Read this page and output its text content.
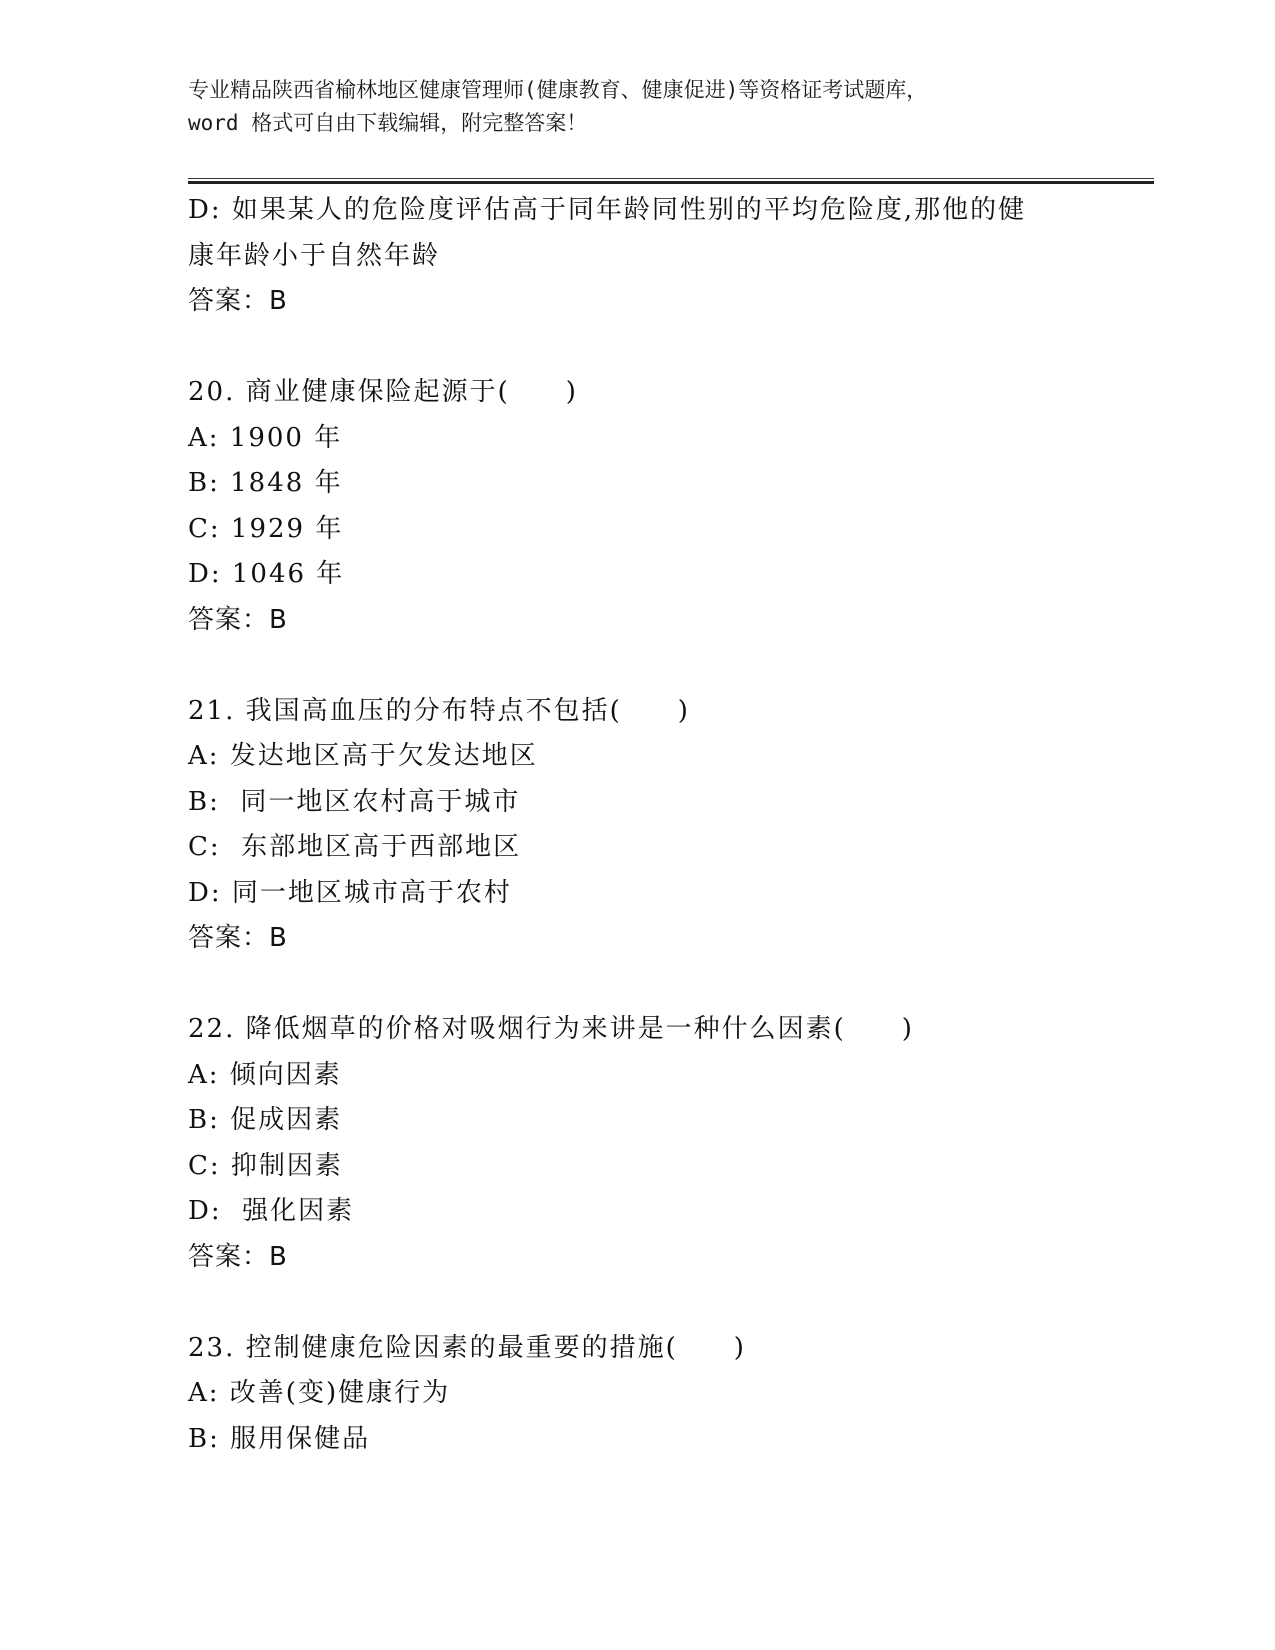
专业精品陕西省榆林地区健康管理师(健康教育、健康促进)等资格证考试题库，
word 格式可自由下载编辑，附完整答案！
D: 如果某人的危险度评估高于同年龄同性别的平均危险度,那他的健
康年龄小于自然年龄
答案：B
20. 商业健康保险起源于(　　)
A: 1900 年
B: 1848 年
C: 1929 年
D: 1046 年
答案：B
21. 我国高血压的分布特点不包括(　　)
A: 发达地区高于欠发达地区
B:  同一地区农村高于城市
C:  东部地区高于西部地区
D: 同一地区城市高于农村
答案：B
22. 降低烟草的价格对吸烟行为来讲是一种什么因素(　　)
A: 倾向因素
B: 促成因素
C: 抑制因素
D:  强化因素
答案：B
23. 控制健康危险因素的最重要的措施(　　)
A: 改善(变)健康行为
B: 服用保健品
